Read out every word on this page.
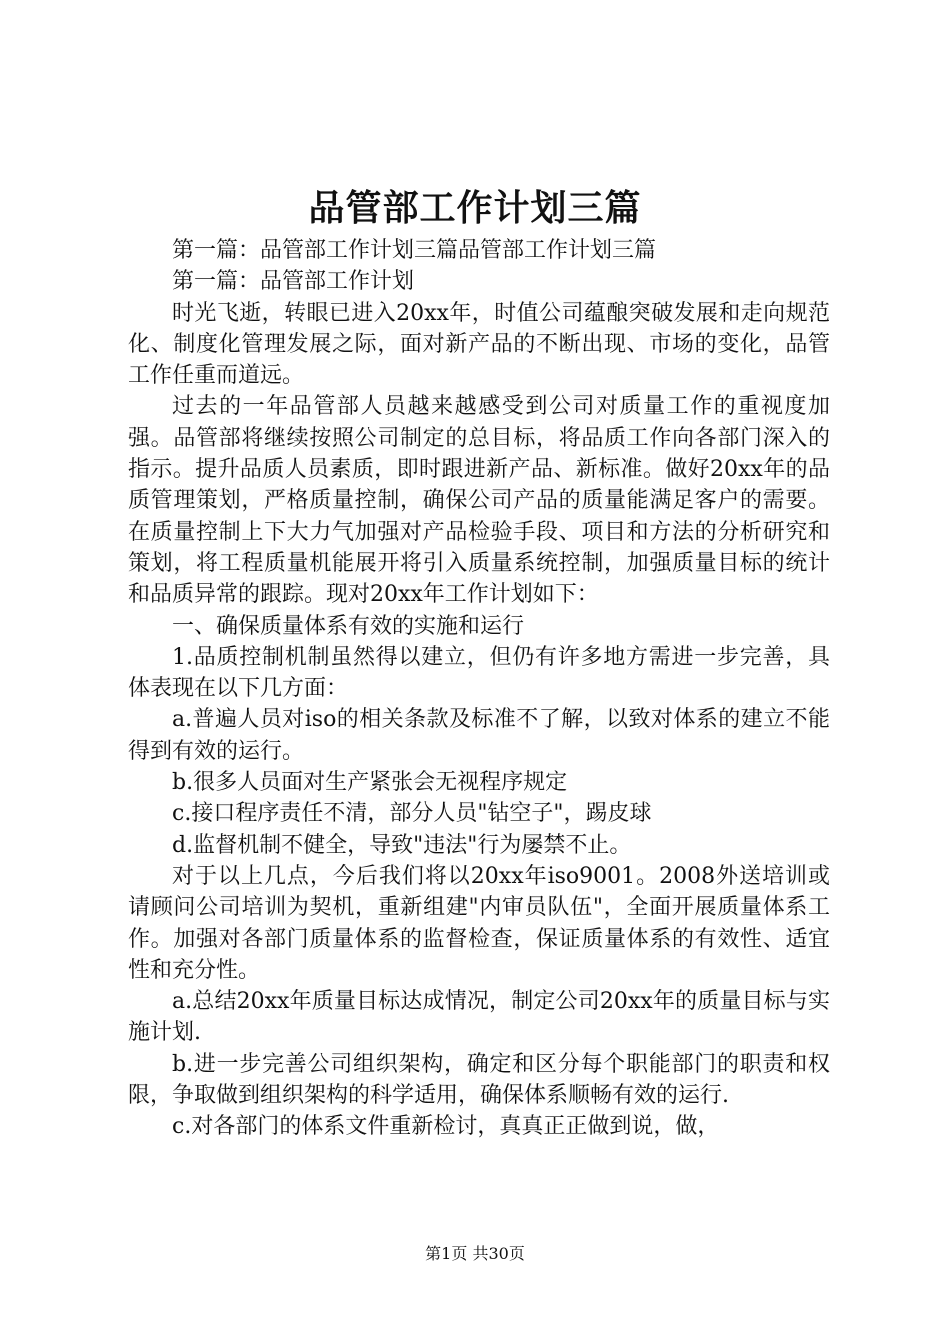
品管部工作计划三篇

第一篇：品管部工作计划三篇品管部工作计划三篇

第一篇：品管部工作计划

时光飞逝，转眼已进入20xx年，时值公司蕴酿突破发展和走向规范化、制度化管理发展之际，面对新产品的不断出现、市场的变化，品管工作任重而道远。

过去的一年品管部人员越来越感受到公司对质量工作的重视度加强。品管部将继续按照公司制定的总目标，将品质工作向各部门深入的指示。提升品质人员素质，即时跟进新产品、新标准。做好20xx年的品质管理策划，严格质量控制，确保公司产品的质量能满足客户的需要。在质量控制上下大力气加强对产品检验手段、项目和方法的分析研究和策划，将工程质量机能展开将引入质量系统控制，加强质量目标的统计和品质异常的跟踪。现对20xx年工作计划如下：

一、确保质量体系有效的实施和运行

1.品质控制机制虽然得以建立，但仍有许多地方需进一步完善，具体表现在以下几方面：

a.普遍人员对iso的相关条款及标准不了解，以致对体系的建立不能得到有效的运行。

b.很多人员面对生产紧张会无视程序规定

c.接口程序责任不清，部分人员"钻空子"，踢皮球

d.监督机制不健全，导致"违法"行为屡禁不止。

对于以上几点，今后我们将以20xx年iso9001。2008外送培训或请顾问公司培训为契机，重新组建"内审员队伍"，全面开展质量体系工作。加强对各部门质量体系的监督检查，保证质量体系的有效性、适宜性和充分性。

a.总结20xx年质量目标达成情况，制定公司20xx年的质量目标与实施计划.

b.进一步完善公司组织架构，确定和区分每个职能部门的职责和权限，争取做到组织架构的科学适用，确保体系顺畅有效的运行.

c.对各部门的体系文件重新检讨，真真正正做到说，做，

第1页 共30页
